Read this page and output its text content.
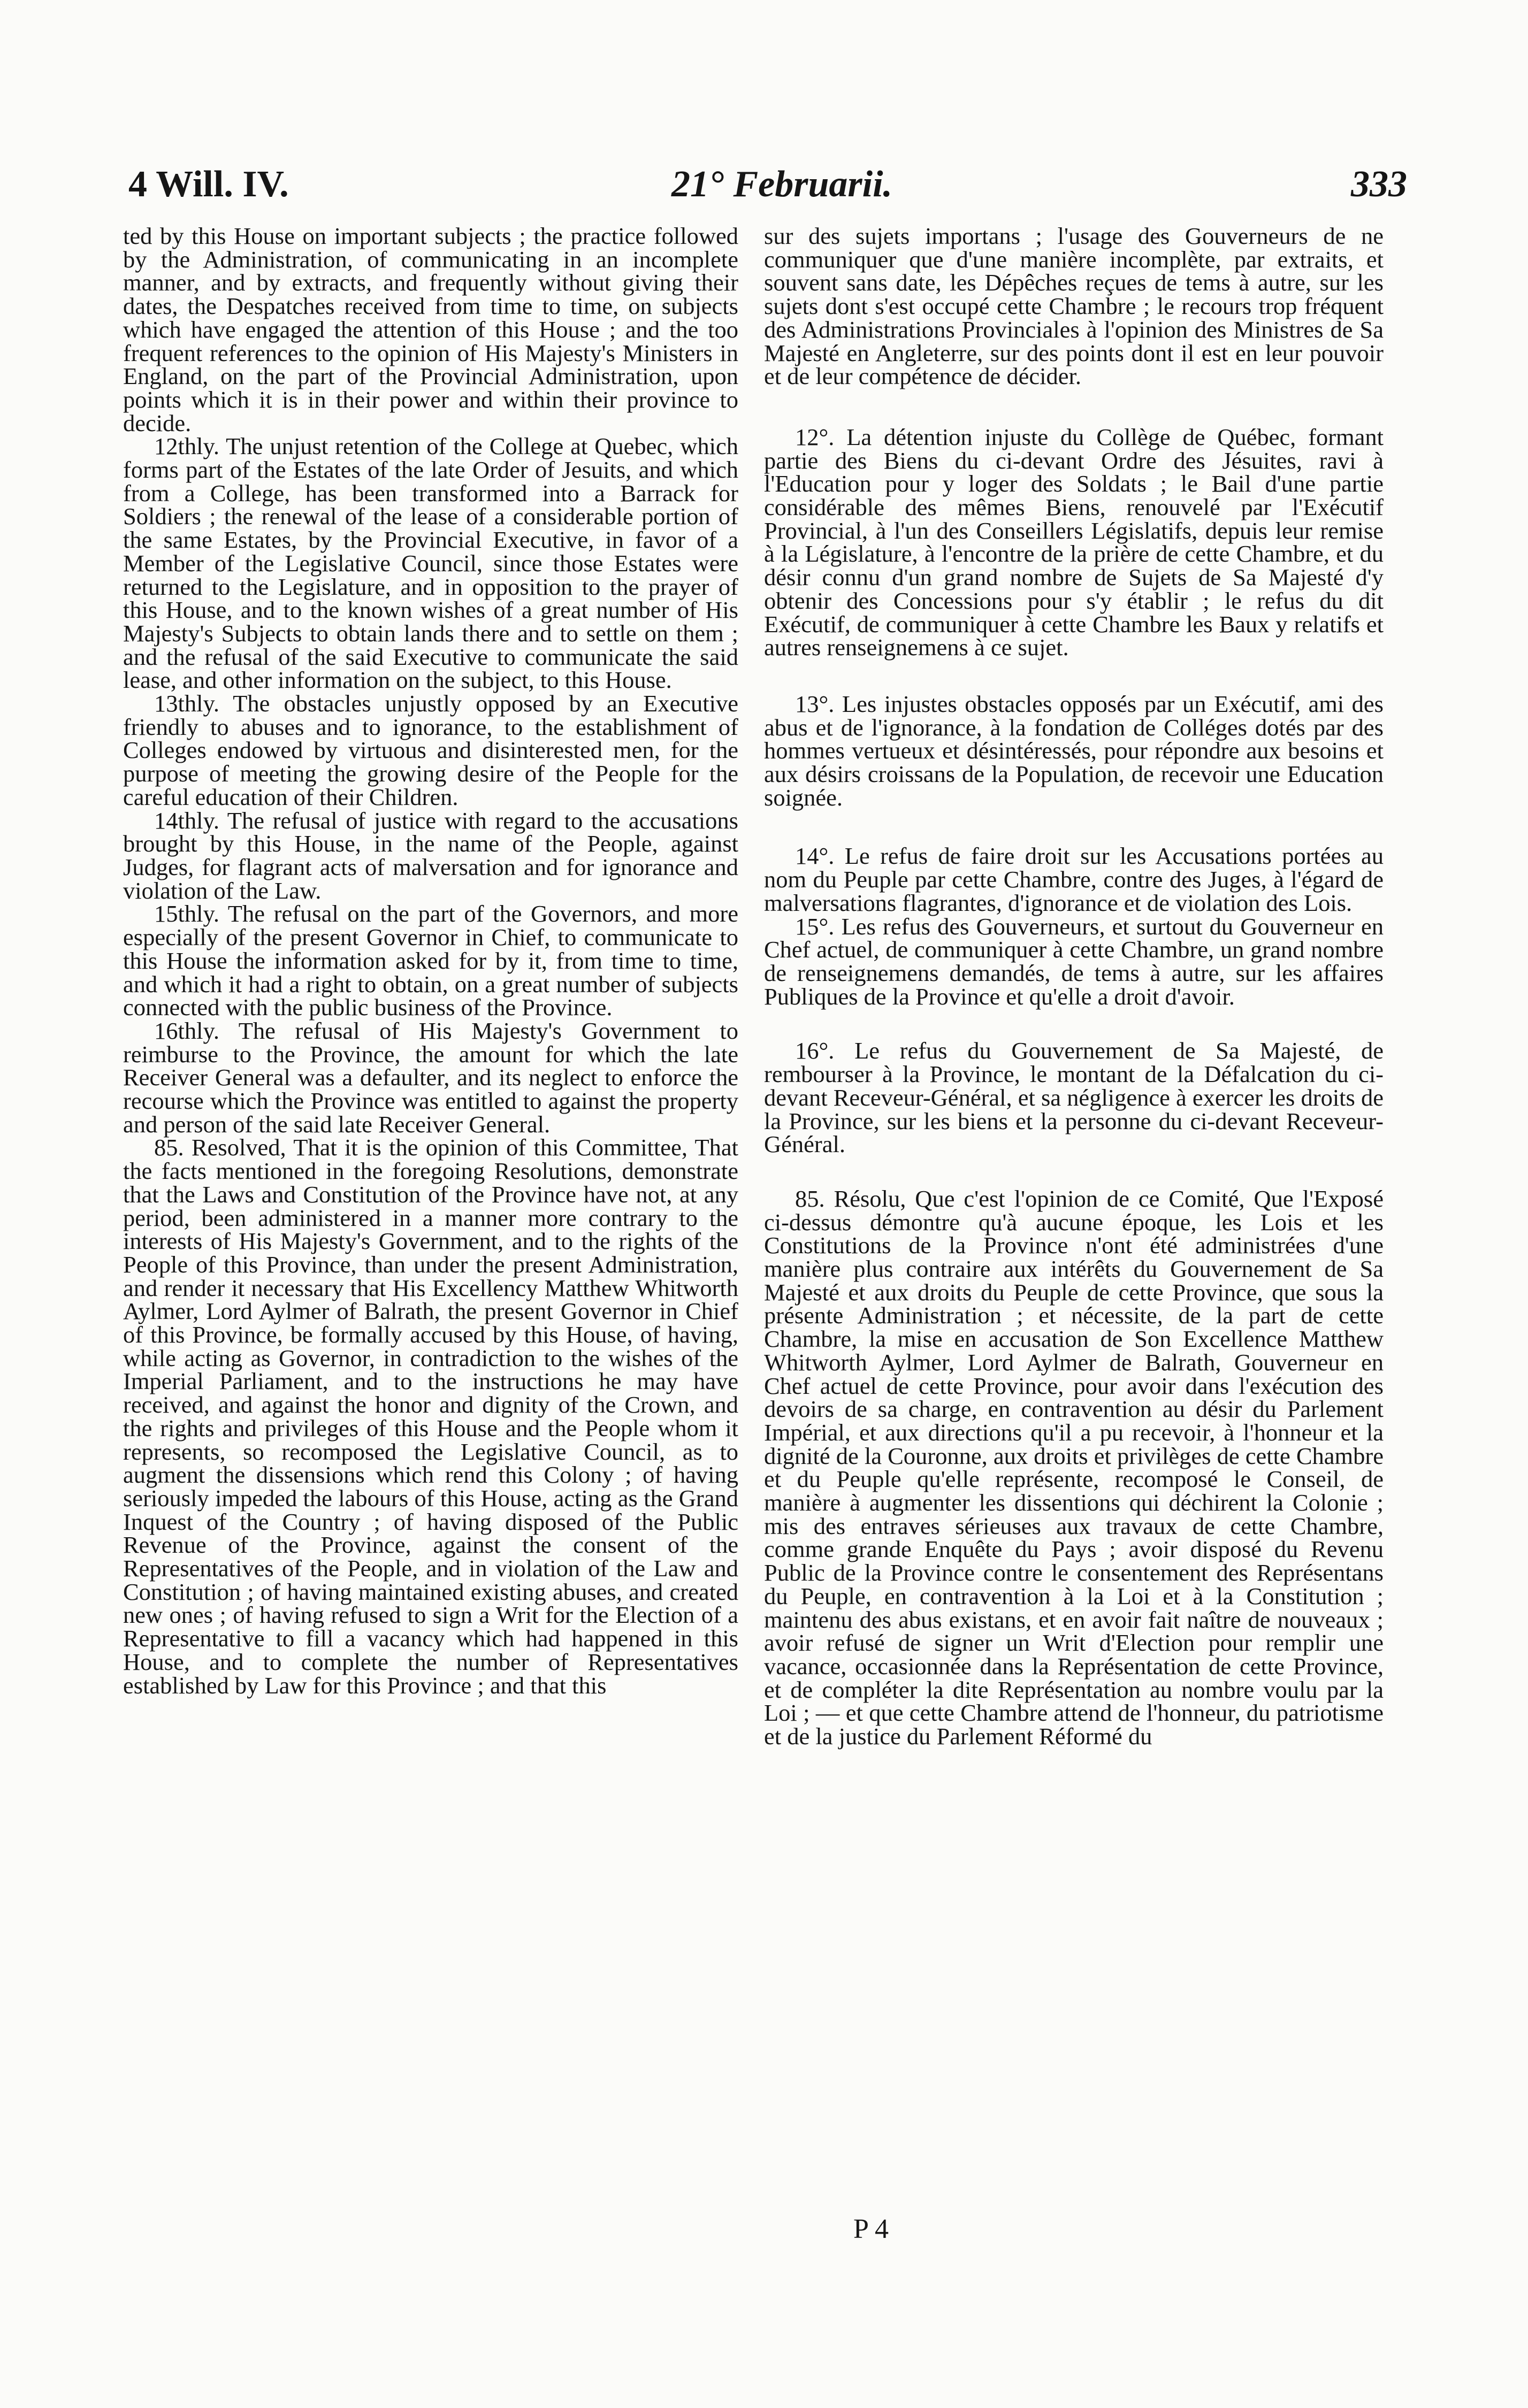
4 Will. IV.	21° Februarii.	333

ted by this House on important subjects ; the practice followed by the Administration, of communicating in an incomplete manner, and by extracts, and frequently without giving their dates, the Despatches received from time to time, on subjects which have engaged the attention of this House ; and the too frequent references to the opinion of His Majesty's Ministers in England, on the part of the Provincial Administration, upon points which it is in their power and within their province to decide.

12thly. The unjust retention of the College at Quebec, which forms part of the Estates of the late Order of Jesuits, and which from a College, has been transformed into a Barrack for Soldiers ; the renewal of the lease of a considerable portion of the same Estates, by the Provincial Executive, in favor of a Member of the Legislative Council, since those Estates were returned to the Legislature, and in opposition to the prayer of this House, and to the known wishes of a great number of His Majesty's Subjects to obtain lands there and to settle on them ; and the refusal of the said Executive to communicate the said lease, and other information on the subject, to this House.

13thly. The obstacles unjustly opposed by an Executive friendly to abuses and to ignorance, to the establishment of Colleges endowed by virtuous and disinterested men, for the purpose of meeting the growing desire of the People for the careful education of their Children.

14thly. The refusal of justice with regard to the accusations brought by this House, in the name of the People, against Judges, for flagrant acts of malversation and for ignorance and violation of the Law.

15thly. The refusal on the part of the Governors, and more especially of the present Governor in Chief, to communicate to this House the information asked for by it, from time to time, and which it had a right to obtain, on a great number of subjects connected with the public business of the Province.

16thly. The refusal of His Majesty's Government to reimburse to the Province, the amount for which the late Receiver General was a defaulter, and its neglect to enforce the recourse which the Province was entitled to against the property and person of the said late Receiver General.

85. Resolved, That it is the opinion of this Committee, That the facts mentioned in the foregoing Resolutions, demonstrate that the Laws and Constitution of the Province have not, at any period, been administered in a manner more contrary to the interests of His Majesty's Government, and to the rights of the People of this Province, than under the present Administration, and render it necessary that His Excellency Matthew Whitworth Aylmer, Lord Aylmer of Balrath, the present Governor in Chief of this Province, be formally accused by this House, of having, while acting as Governor, in contradiction to the wishes of the Imperial Parliament, and to the instructions he may have received, and against the honor and dignity of the Crown, and the rights and privileges of this House and the People whom it represents, so recomposed the Legislative Council, as to augment the dissensions which rend this Colony ; of having seriously impeded the labours of this House, acting as the Grand Inquest of the Country ; of having disposed of the Public Revenue of the Province, against the consent of the Representatives of the People, and in violation of the Law and Constitution ; of having maintained existing abuses, and created new ones ; of having refused to sign a Writ for the Election of a Representative to fill a vacancy which had happened in this House, and to complete the number of Representatives established by Law for this Province ; and that this

sur des sujets importans ; l'usage des Gouverneurs de ne communiquer que d'une manière incomplète, par extraits, et souvent sans date, les Dépêches reçues de tems à autre, sur les sujets dont s'est occupé cette Chambre ; le recours trop fréquent des Administrations Provinciales à l'opinion des Ministres de Sa Majesté en Angleterre, sur des points dont il est en leur pouvoir et de leur compétence de décider.

12°. La détention injuste du Collège de Québec, formant partie des Biens du ci-devant Ordre des Jésuites, ravi à l'Education pour y loger des Soldats ; le Bail d'une partie considérable des mêmes Biens, renouvelé par l'Exécutif Provincial, à l'un des Conseillers Législatifs, depuis leur remise à la Législature, à l'encontre de la prière de cette Chambre, et du désir connu d'un grand nombre de Sujets de Sa Majesté d'y obtenir des Concessions pour s'y établir ; le refus du dit Exécutif, de communiquer à cette Chambre les Baux y relatifs et autres renseignemens à ce sujet.

13°. Les injustes obstacles opposés par un Exécutif, ami des abus et de l'ignorance, à la fondation de Colléges dotés par des hommes vertueux et désintéressés, pour répondre aux besoins et aux désirs croissans de la Population, de recevoir une Education soignée.

14°. Le refus de faire droit sur les Accusations portées au nom du Peuple par cette Chambre, contre des Juges, à l'égard de malversations flagrantes, d'ignorance et de violation des Lois.

15°. Les refus des Gouverneurs, et surtout du Gouverneur en Chef actuel, de communiquer à cette Chambre, un grand nombre de renseignemens demandés, de tems à autre, sur les affaires Publiques de la Province et qu'elle a droit d'avoir.

16°. Le refus du Gouvernement de Sa Majesté, de rembourser à la Province, le montant de la Défalcation du ci-devant Receveur-Général, et sa négligence à exercer les droits de la Province, sur les biens et la personne du ci-devant Receveur-Général.

85. Résolu, Que c'est l'opinion de ce Comité, Que l'Exposé ci-dessus démontre qu'à aucune époque, les Lois et les Constitutions de la Province n'ont été administrées d'une manière plus contraire aux intérêts du Gouvernement de Sa Majesté et aux droits du Peuple de cette Province, que sous la présente Administration ; et nécessite, de la part de cette Chambre, la mise en accusation de Son Excellence Matthew Whitworth Aylmer, Lord Aylmer de Balrath, Gouverneur en Chef actuel de cette Province, pour avoir dans l'exécution des devoirs de sa charge, en contravention au désir du Parlement Impérial, et aux directions qu'il a pu recevoir, à l'honneur et la dignité de la Couronne, aux droits et privilèges de cette Chambre et du Peuple qu'elle représente, recomposé le Conseil, de manière à augmenter les dissentions qui déchirent la Colonie ; mis des entraves sérieuses aux travaux de cette Chambre, comme grande Enquête du Pays ; avoir disposé du Revenu Public de la Province contre le consentement des Représentans du Peuple, en contravention à la Loi et à la Constitution ; maintenu des abus existans, et en avoir fait naître de nouveaux ; avoir refusé de signer un Writ d'Election pour remplir une vacance, occasionnée dans la Représentation de cette Province, et de compléter la dite Représentation au nombre voulu par la Loi ; — et que cette Chambre attend de l'honneur, du patriotisme et de la justice du Parlement Réformé du

P 4
